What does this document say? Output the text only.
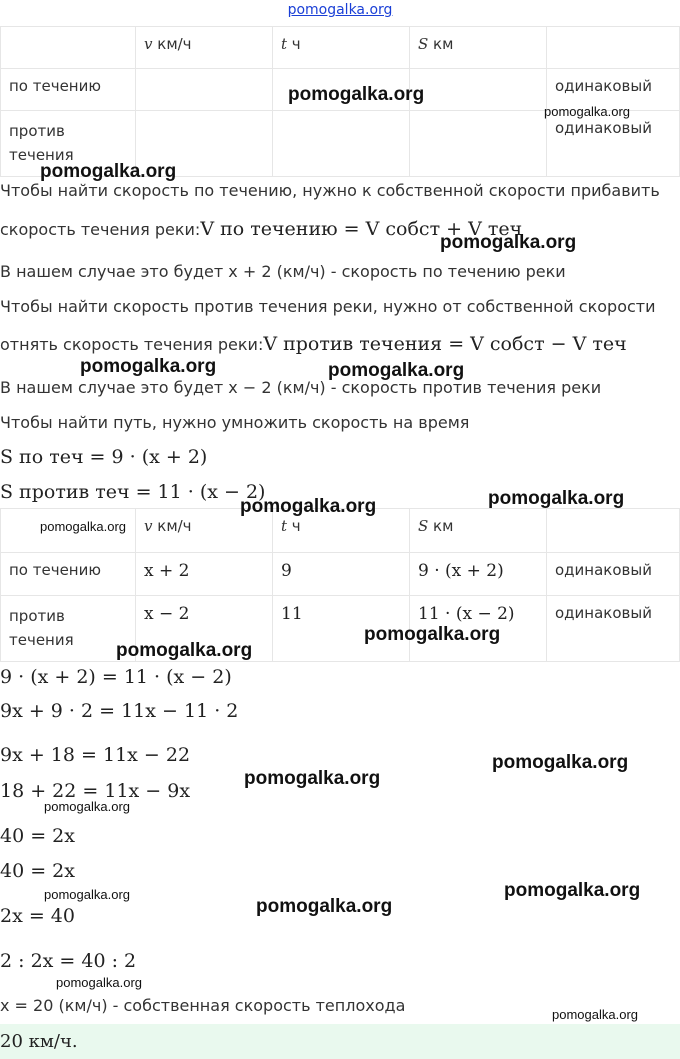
pomogalka.org
	v км/ч	t ч	S км	
по течению				одинаковый
против течения				одинаковый
Чтобы найти скорость по течению, нужно к собственной скорости прибавить
скорость течения реки:V по течению = V собст + V теч
В нашем случае это будет x + 2 (км/ч) - скорость по течению реки
Чтобы найти скорость против течения реки, нужно от собственной скорости
отнять скорость течения реки:V против течения = V собст − V теч
В нашем случае это будет x − 2 (км/ч) - скорость против течения реки
Чтобы найти путь, нужно умножить скорость на время
S по теч = 9 · (x + 2)
S против теч = 11 · (x − 2)
	v км/ч	t ч	S км	
по течению	x + 2	9	9 · (x + 2)	одинаковый
против течения	x − 2	11	11 · (x − 2)	одинаковый
9 · (x + 2) = 11 · (x − 2)
9x + 9 · 2 = 11x − 11 · 2
9x + 18 = 11x − 22
18 + 22 = 11x − 9x
40 = 2x
40 = 2x
2x = 40
2 : 2x = 40 : 2
x = 20 (км/ч) - собственная скорость теплохода
20 км/ч.
pomogalka.org
pomogalka.org
pomogalka.org
pomogalka.org
pomogalka.org	pomogalka.org
pomogalka.org
pomogalka.org
pomogalka.org
pomogalka.org
pomogalka.org
pomogalka.org
pomogalka.org
pomogalka.org
pomogalka.org
pomogalka.org
pomogalka.org
pomogalka.org
pomogalka.org
